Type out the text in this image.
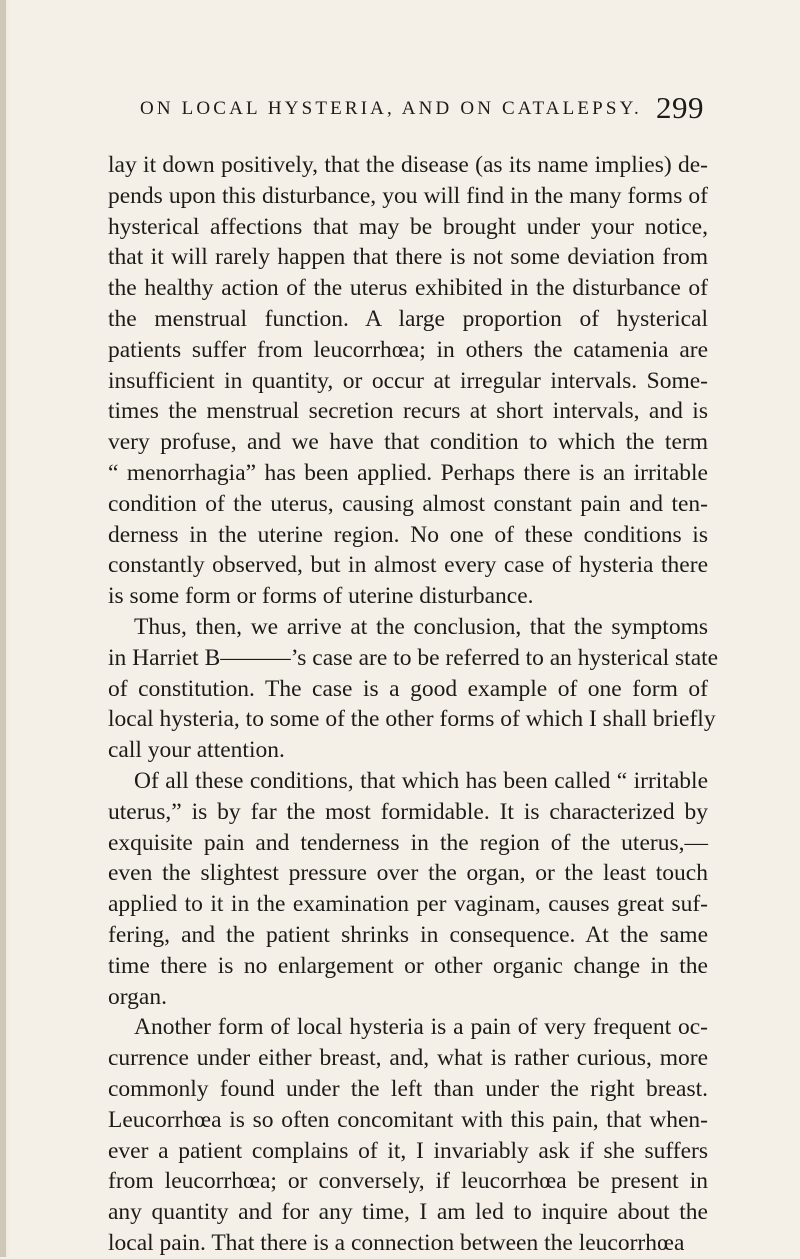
ON LOCAL HYSTERIA, AND ON CATALEPSY. 299
lay it down positively, that the disease (as its name implies) de-
pends upon this disturbance, you will find in the many forms of
hysterical affections that may be brought under your notice,
that it will rarely happen that there is not some deviation from
the healthy action of the uterus exhibited in the disturbance of
the menstrual function. A large proportion of hysterical
patients suffer from leucorrhœa; in others the catamenia are
insufficient in quantity, or occur at irregular intervals. Some-
times the menstrual secretion recurs at short intervals, and is
very profuse, and we have that condition to which the term
“ menorrhagia” has been applied. Perhaps there is an irritable
condition of the uterus, causing almost constant pain and ten-
derness in the uterine region. No one of these conditions is
constantly observed, but in almost every case of hysteria there
is some form or forms of uterine disturbance.
Thus, then, we arrive at the conclusion, that the symptoms
in Harriet B———’s case are to be referred to an hysterical state
of constitution. The case is a good example of one form of
local hysteria, to some of the other forms of which I shall briefly
call your attention.
Of all these conditions, that which has been called “ irritable
uterus,” is by far the most formidable. It is characterized by
exquisite pain and tenderness in the region of the uterus,—
even the slightest pressure over the organ, or the least touch
applied to it in the examination per vaginam, causes great suf-
fering, and the patient shrinks in consequence. At the same
time there is no enlargement or other organic change in the
organ.
Another form of local hysteria is a pain of very frequent oc-
currence under either breast, and, what is rather curious, more
commonly found under the left than under the right breast.
Leucorrhœa is so often concomitant with this pain, that when-
ever a patient complains of it, I invariably ask if she suffers
from leucorrhœa; or conversely, if leucorrhœa be present in
any quantity and for any time, I am led to inquire about the
local pain. That there is a connection between the leucorrhœa
